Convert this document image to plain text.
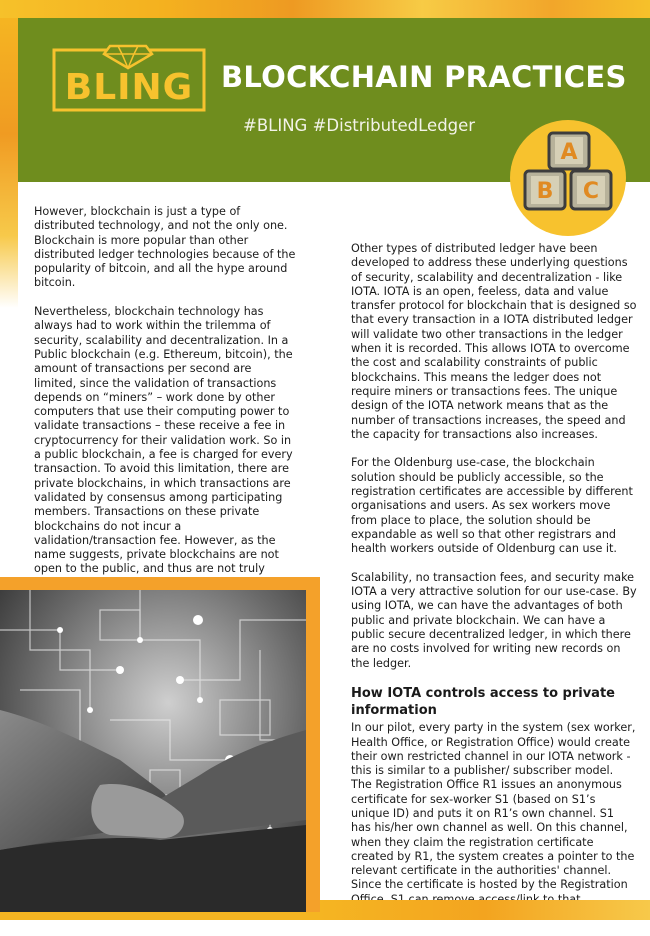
BLING BLOCKCHAIN PRACTICES
#BLING #DistributedLedger
A
B C

However, blockchain is just a type of distributed technology, and not the only one. Blockchain is more popular than other distributed ledger technologies because of the popularity of bitcoin, and all the hype around bitcoin.

Nevertheless, blockchain technology has always had to work within the trilemma of security, scalability and decentralization. In a Public blockchain (e.g. Ethereum, bitcoin), the amount of transactions per second are limited, since the validation of transactions depends on “miners” – work done by other computers that use their computing power to validate transactions – these receive a fee in cryptocurrency for their validation work. So in a public blockchain, a fee is charged for every transaction. To avoid this limitation, there are private blockchains, in which transactions are validated by consensus among participating members. Transactions on these private blockchains do not incur a validation/transaction fee. However, as the name suggests, private blockchains are not open to the public, and thus are not truly

Other types of distributed ledger have been developed to address these underlying questions of security, scalability and decentralization - like IOTA. IOTA is an open, feeless, data and value transfer protocol for blockchain that is designed so that every transaction in a IOTA distributed ledger will validate two other transactions in the ledger when it is recorded. This allows IOTA to overcome the cost and scalability constraints of public blockchains. This means the ledger does not require miners or transactions fees. The unique design of the IOTA network means that as the number of transactions increases, the speed and the capacity for transactions also increases.

For the Oldenburg use-case, the blockchain solution should be publicly accessible, so the registration certificates are accessible by different organisations and users. As sex workers move from place to place, the solution should be expandable as well so that other registrars and health workers outside of Oldenburg can use it.

Scalability, no transaction fees, and security make IOTA a very attractive solution for our use-case. By using IOTA, we can have the advantages of both public and private blockchain. We can have a public secure decentralized ledger, in which there are no costs involved for writing new records on the ledger.

How IOTA controls access to private information

In our pilot, every party in the system (sex worker, Health Office, or Registration Office) would create their own restricted channel in our IOTA network - this is similar to a publisher/ subscriber model. The Registration Office R1 issues an anonymous certificate for sex-worker S1 (based on S1’s unique ID) and puts it on R1’s own channel. S1 has his/her own channel as well. On this channel, when they claim the registration certificate created by R1, the system creates a pointer to the relevant certificate in the authorities' channel. Since the certificate is hosted by the Registration
